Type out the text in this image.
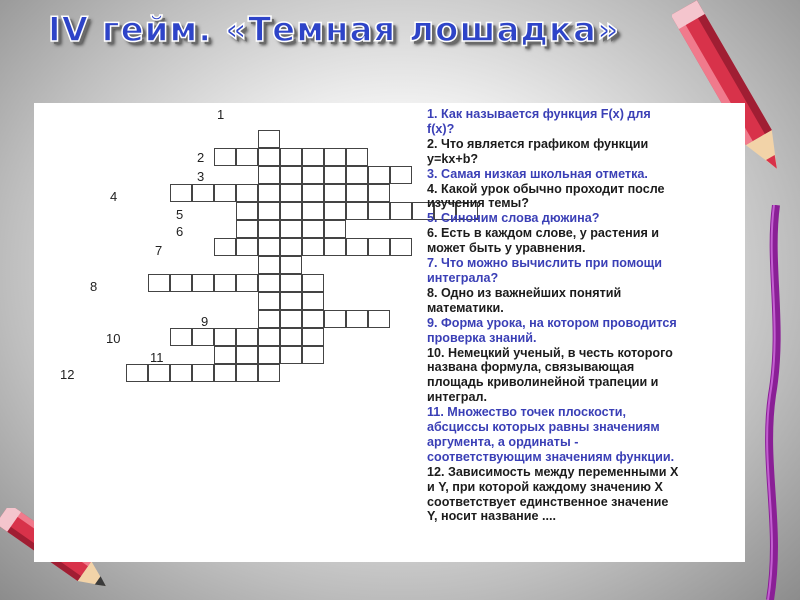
IV гейм. «Темная лошадка»
1
2
3
4
5
6
7
8
9
10
11
12

1. Как называется функция F(x) для
f(x)?

2. Что является графиком функции
y=kx+b?

3. Самая низкая школьная отметка.

4. Какой урок обычно проходит после
изучения темы?

5. Синоним слова дюжина?

6. Есть в каждом слове, у растения и
может быть у уравнения.

7. Что можно вычислить при помощи
интеграла?

8. Одно из важнейших понятий
математики.

9. Форма урока, на котором проводится
проверка знаний.

10. Немецкий ученый, в честь которого
названа формула, связывающая
площадь криволинейной трапеции и
интеграл.

11. Множество точек плоскости,
абсциссы которых равны значениям
аргумента, а ординаты -
соответствующим значениям функции.

12. Зависимость между переменными X
и Y, при которой каждому значению X
соответствует единственное значение
Y, носит название ....
